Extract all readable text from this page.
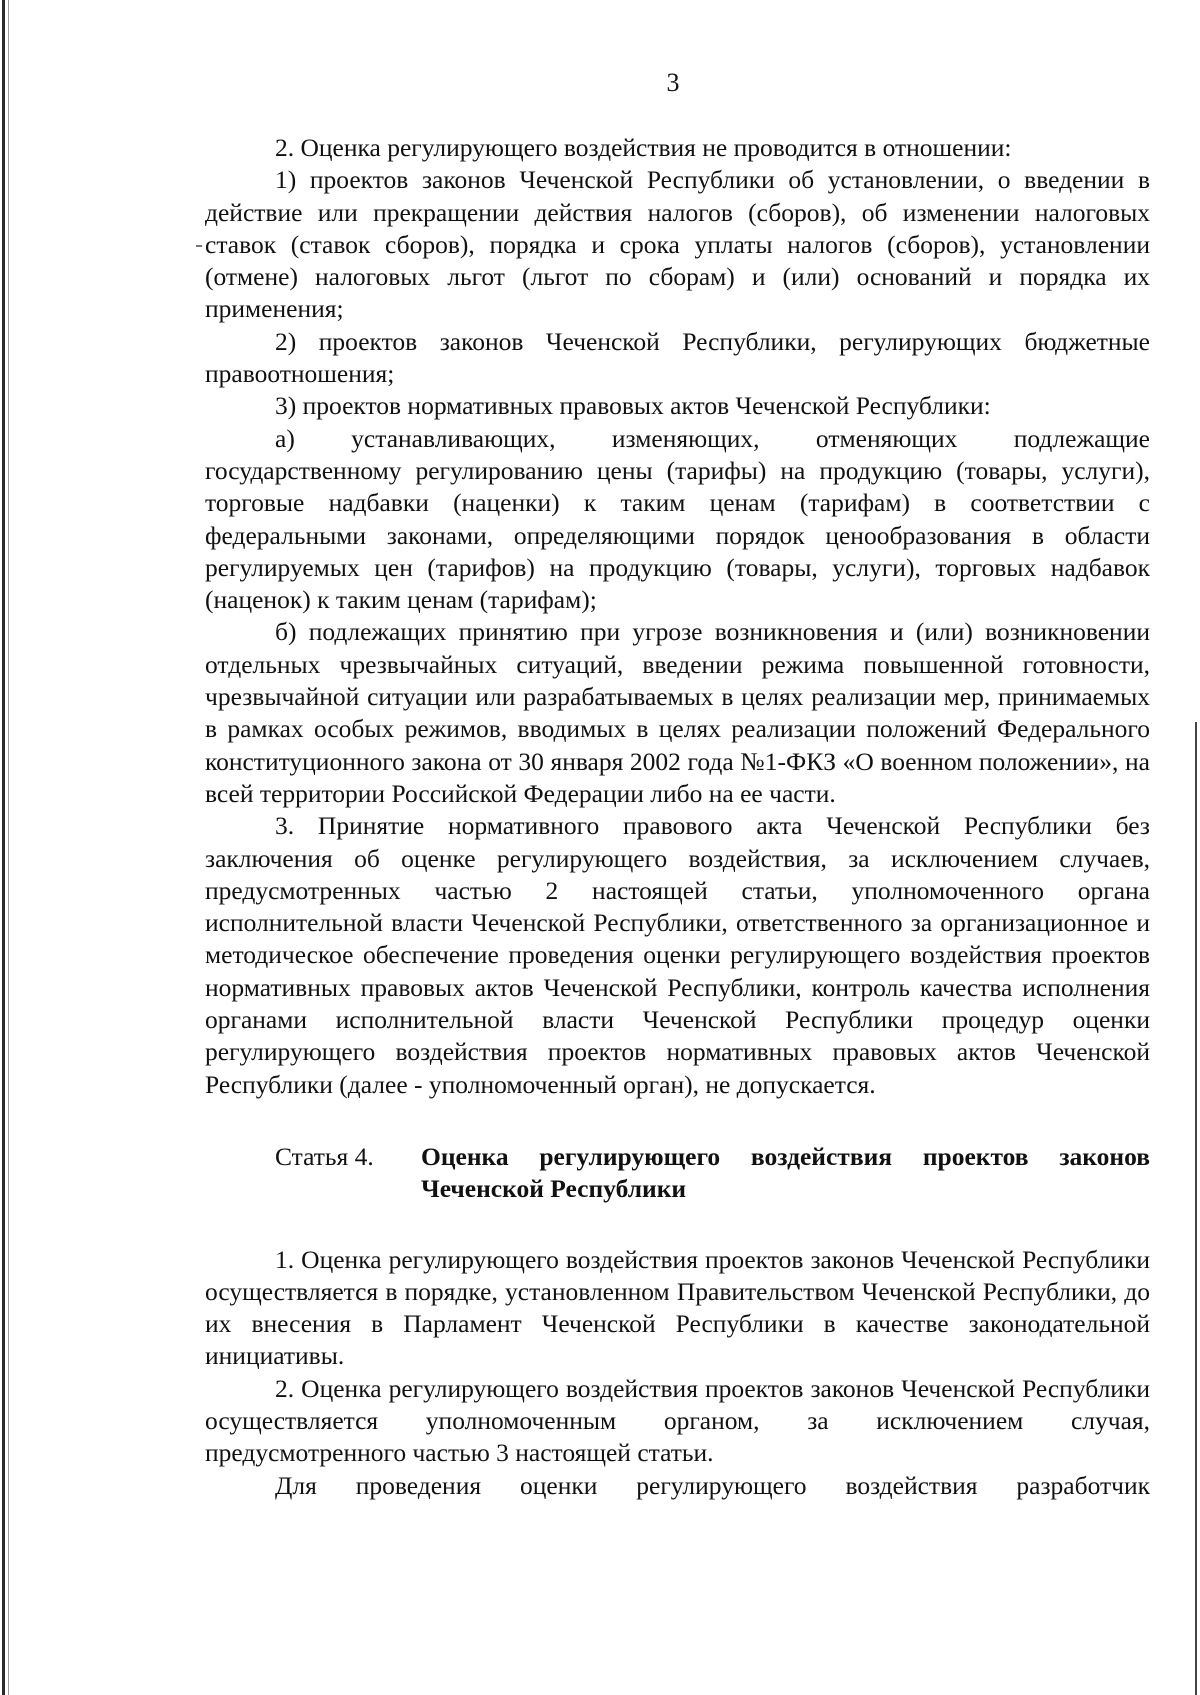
3

2. Оценка регулирующего воздействия не проводится в отношении:

1) проектов законов Чеченской Республики об установлении, о введении в действие или прекращении действия налогов (сборов), об изменении налоговых ставок (ставок сборов), порядка и срока уплаты налогов (сборов), установлении (отмене) налоговых льгот (льгот по сборам) и (или) оснований и порядка их применения;

2) проектов законов Чеченской Республики, регулирующих бюджетные правоотношения;

3) проектов нормативных правовых актов Чеченской Республики:

а) устанавливающих, изменяющих, отменяющих подлежащие государственному регулированию цены (тарифы) на продукцию (товары, услуги), торговые надбавки (наценки) к таким ценам (тарифам) в соответствии с федеральными законами, определяющими порядок ценообразования в области регулируемых цен (тарифов) на продукцию (товары, услуги), торговых надбавок (наценок) к таким ценам (тарифам);

б) подлежащих принятию при угрозе возникновения и (или) возникновении отдельных чрезвычайных ситуаций, введении режима повышенной готовности, чрезвычайной ситуации или разрабатываемых в целях реализации мер, принимаемых в рамках особых режимов, вводимых в целях реализации положений Федерального конституционного закона от 30 января 2002 года №1-ФКЗ «О военном положении», на всей территории Российской Федерации либо на ее части.

3. Принятие нормативного правового акта Чеченской Республики без заключения об оценке регулирующего воздействия, за исключением случаев, предусмотренных частью 2 настоящей статьи, уполномоченного органа исполнительной власти Чеченской Республики, ответственного за организационное и методическое обеспечение проведения оценки регулирующего воздействия проектов нормативных правовых актов Чеченской Республики, контроль качества исполнения органами исполнительной власти Чеченской Республики процедур оценки регулирующего воздействия проектов нормативных правовых актов Чеченской Республики (далее - уполномоченный орган), не допускается.

Статья 4.	Оценка регулирующего воздействия проектов законов Чеченской Республики

1. Оценка регулирующего воздействия проектов законов Чеченской Республики осуществляется в порядке, установленном Правительством Чеченской Республики, до их внесения в Парламент Чеченской Республики в качестве законодательной инициативы.

2. Оценка регулирующего воздействия проектов законов Чеченской Республики осуществляется уполномоченным органом, за исключением случая, предусмотренного частью 3 настоящей статьи.

Для проведения оценки регулирующего воздействия разработчик
